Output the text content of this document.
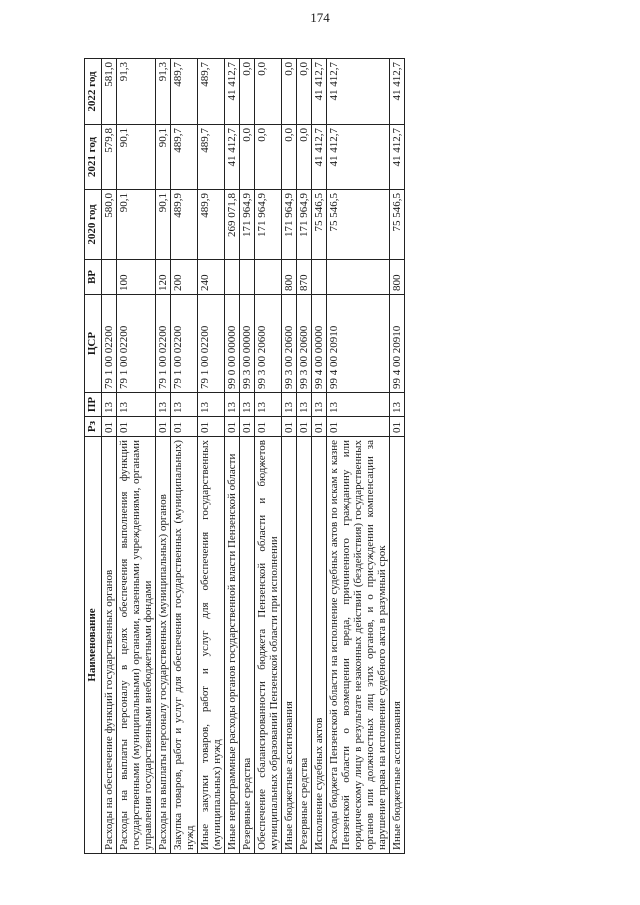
174
Наименование	Рз	ПР	ЦСР	ВР	2020 год	2021 год	2022 год
Расходы на обеспечение функций государственных органов	01	13	79 1 00 02200		580,0	579,8	581,0
Расходы на выплаты персоналу в целях обеспечения выполнения функций государственными (муниципальными) органами, казенными учреждениями, органами управления государственными внебюджетными фондами	01	13	79 1 00 02200	100	90,1	90,1	91,3
Расходы на выплаты персоналу государственных (муниципальных) органов	01	13	79 1 00 02200	120	90,1	90,1	91,3
Закупка товаров, работ и услуг для обеспечения государственных (муниципальных) нужд	01	13	79 1 00 02200	200	489,9	489,7	489,7
Иные закупки товаров, работ и услуг для обеспечения государственных (муниципальных) нужд	01	13	79 1 00 02200	240	489,9	489,7	489,7
Иные непрограммные расходы органов государственной власти Пензенской области	01	13	99 0 00 00000		269 071,8	41 412,7	41 412,7
Резервные средства	01	13	99 3 00 00000		171 964,9	0,0	0,0
Обеспечение сбалансированности бюджета Пензенской области и бюджетов муниципальных образований Пензенской области при исполнении	01	13	99 3 00 20600		171 964,9	0,0	0,0
Иные бюджетные ассигнования	01	13	99 3 00 20600	800	171 964,9	0,0	0,0
Резервные средства	01	13	99 3 00 20600	870	171 964,9	0,0	0,0
Исполнение судебных актов	01	13	99 4 00 00000		75 546,5	41 412,7	41 412,7
Расходы бюджета Пензенской области на исполнение судебных актов по искам к казне Пензенской области о возмещении вреда, причиненного гражданину или юридическому лицу в результате незаконных действий (бездействия) государственных органов или должностных лиц этих органов, и о присуждении компенсации за нарушение права на исполнение судебного акта в разумный срок	01	13	99 4 00 20910		75 546,5	41 412,7	41 412,7
Иные бюджетные ассигнования	01	13	99 4 00 20910	800	75 546,5	41 412,7	41 412,7
